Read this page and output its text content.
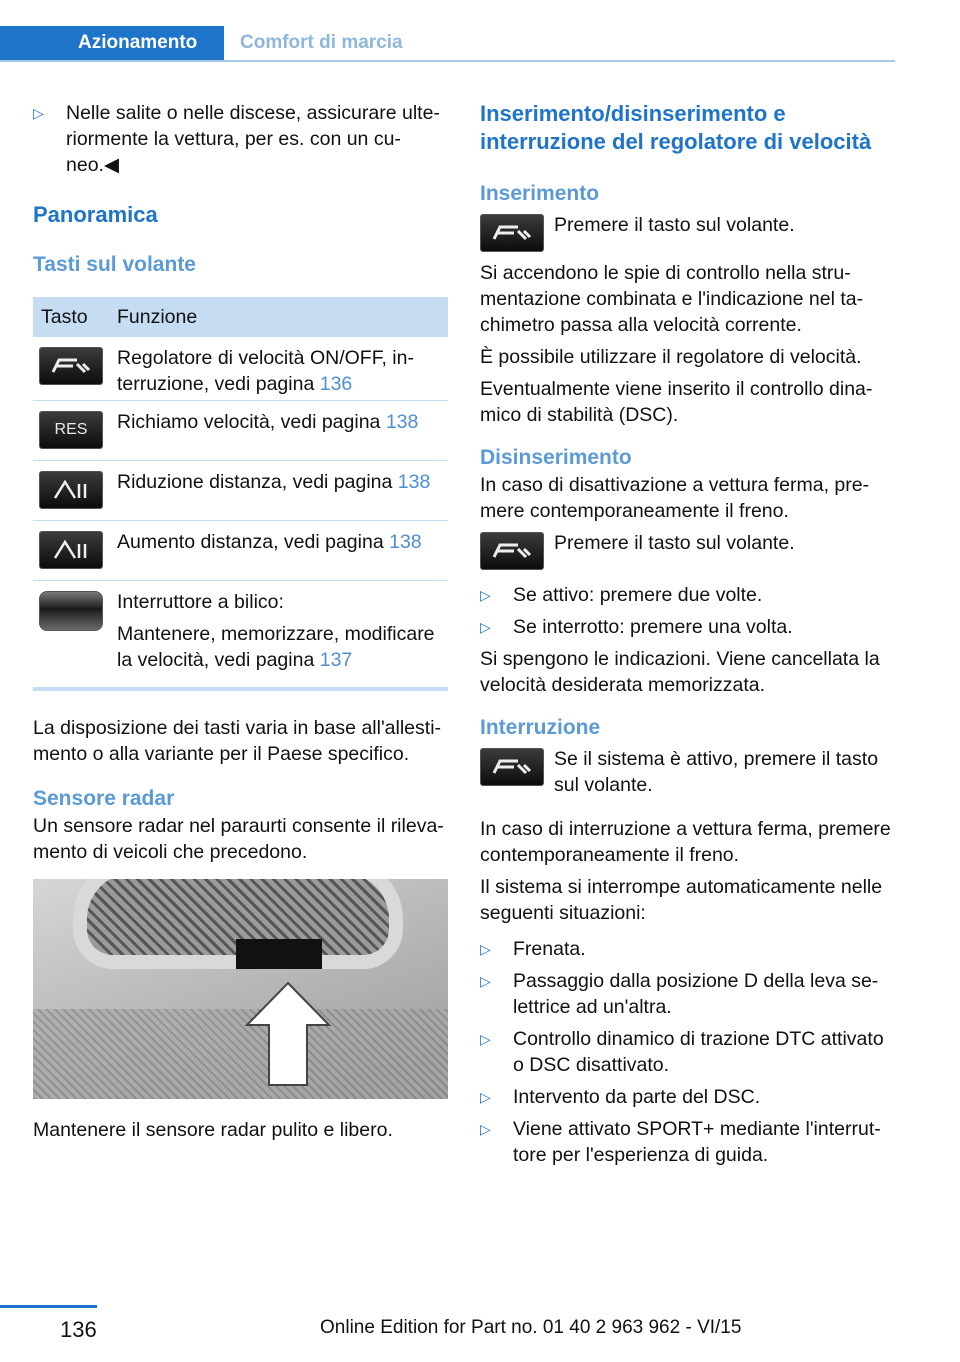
Azionamento	Comfort di marcia
▷	Nelle salite o nelle discese, assicurare ulte-riormente la vettura, per es. con un cu-neo.◀
Panoramica
Tasti sul volante
Tasto	Funzione
Regolatore di velocità ON/OFF, in-terruzione, vedi pagina 136
RES	Richiamo velocità, vedi pagina 138
Riduzione distanza, vedi pagina 138
Aumento distanza, vedi pagina 138
Interruttore a bilico:
Mantenere, memorizzare, modificare la velocità, vedi pagina 137

La disposizione dei tasti varia in base all'allesti-mento o alla variante per il Paese specifico.

Sensore radar

Un sensore radar nel paraurti consente il rileva-mento di veicoli che precedono.

Mantenere il sensore radar pulito e libero.

Inserimento/disinserimento e interruzione del regolatore di velocità
Inserimento

Premere il tasto sul volante.

Si accendono le spie di controllo nella stru-mentazione combinata e l'indicazione nel ta-chimetro passa alla velocità corrente.

È possibile utilizzare il regolatore di velocità.

Eventualmente viene inserito il controllo dina-mico di stabilità (DSC).

Disinserimento

In caso di disattivazione a vettura ferma, pre-mere contemporaneamente il freno.

Premere il tasto sul volante.

▷	Se attivo: premere due volte.
▷	Se interrotto: premere una volta.

Si spengono le indicazioni. Viene cancellata la velocità desiderata memorizzata.

Interruzione

Se il sistema è attivo, premere il tasto sul volante.

In caso di interruzione a vettura ferma, premere contemporaneamente il freno.

Il sistema si interrompe automaticamente nelle seguenti situazioni:

▷	Frenata.
▷	Passaggio dalla posizione D della leva se-lettrice ad un'altra.
▷	Controllo dinamico di trazione DTC attivato o DSC disattivato.
▷	Intervento da parte del DSC.
▷	Viene attivato SPORT+ mediante l'interrut-tore per l'esperienza di guida.
136	Online Edition for Part no. 01 40 2 963 962 - VI/15
